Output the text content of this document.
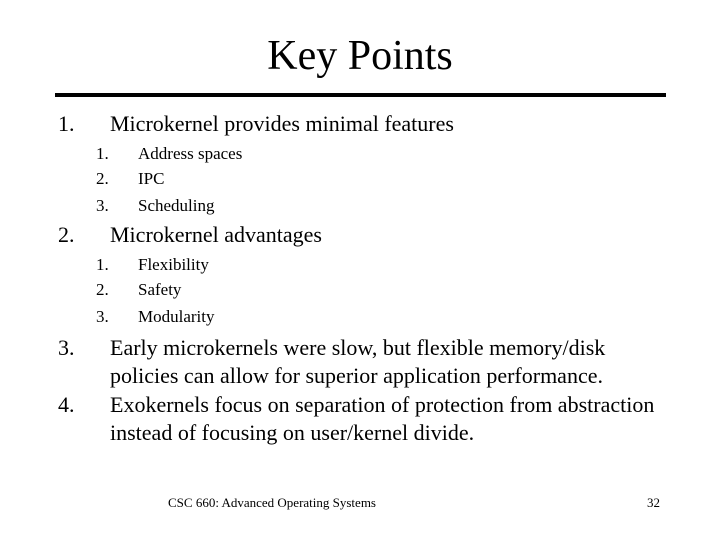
Key Points
1. Microkernel provides minimal features
1. Address spaces
2. IPC
3. Scheduling
2. Microkernel advantages
1. Flexibility
2. Safety
3. Modularity
3. Early microkernels were slow, but flexible memory/disk policies can allow for superior application performance.
4. Exokernels focus on separation of protection from abstraction instead of focusing on user/kernel divide.
CSC 660: Advanced Operating Systems	32
